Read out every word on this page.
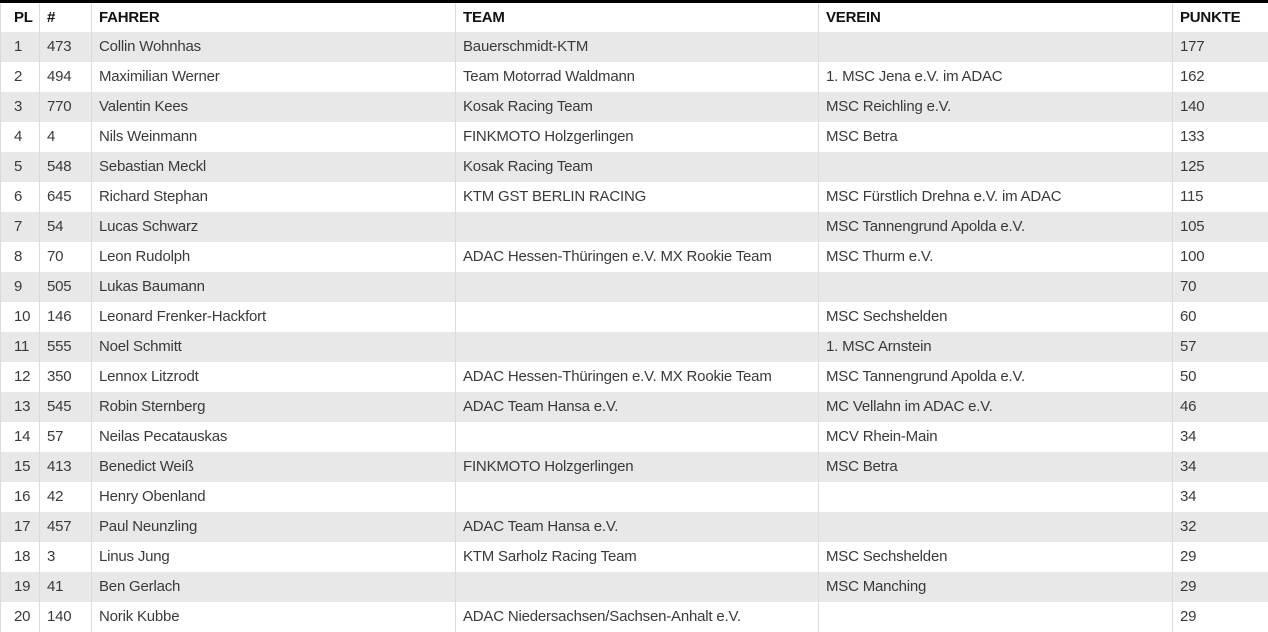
PL	#	FAHRER	TEAM	VEREIN	PUNKTE
1	473	Collin Wohnhas	Bauerschmidt-KTM		177
2	494	Maximilian Werner	Team Motorrad Waldmann	1. MSC Jena e.V. im ADAC	162
3	770	Valentin Kees	Kosak Racing Team	MSC Reichling e.V.	140
4	4	Nils Weinmann	FINKMOTO Holzgerlingen	MSC Betra	133
5	548	Sebastian Meckl	Kosak Racing Team		125
6	645	Richard Stephan	KTM GST BERLIN RACING	MSC Fürstlich Drehna e.V. im ADAC	115
7	54	Lucas Schwarz		MSC Tannengrund Apolda e.V.	105
8	70	Leon Rudolph	ADAC Hessen-Thüringen e.V. MX Rookie Team	MSC Thurm e.V.	100
9	505	Lukas Baumann			70
10	146	Leonard Frenker-Hackfort		MSC Sechshelden	60
11	555	Noel Schmitt		1. MSC Arnstein	57
12	350	Lennox Litzrodt	ADAC Hessen-Thüringen e.V. MX Rookie Team	MSC Tannengrund Apolda e.V.	50
13	545	Robin Sternberg	ADAC Team Hansa e.V.	MC Vellahn im ADAC e.V.	46
14	57	Neilas Pecatauskas		MCV Rhein-Main	34
15	413	Benedict Weiß	FINKMOTO Holzgerlingen	MSC Betra	34
16	42	Henry Obenland			34
17	457	Paul Neunzling	ADAC Team Hansa e.V.		32
18	3	Linus Jung	KTM Sarholz Racing Team	MSC Sechshelden	29
19	41	Ben Gerlach		MSC Manching	29
20	140	Norik Kubbe	ADAC Niedersachsen/Sachsen-Anhalt e.V.		29
